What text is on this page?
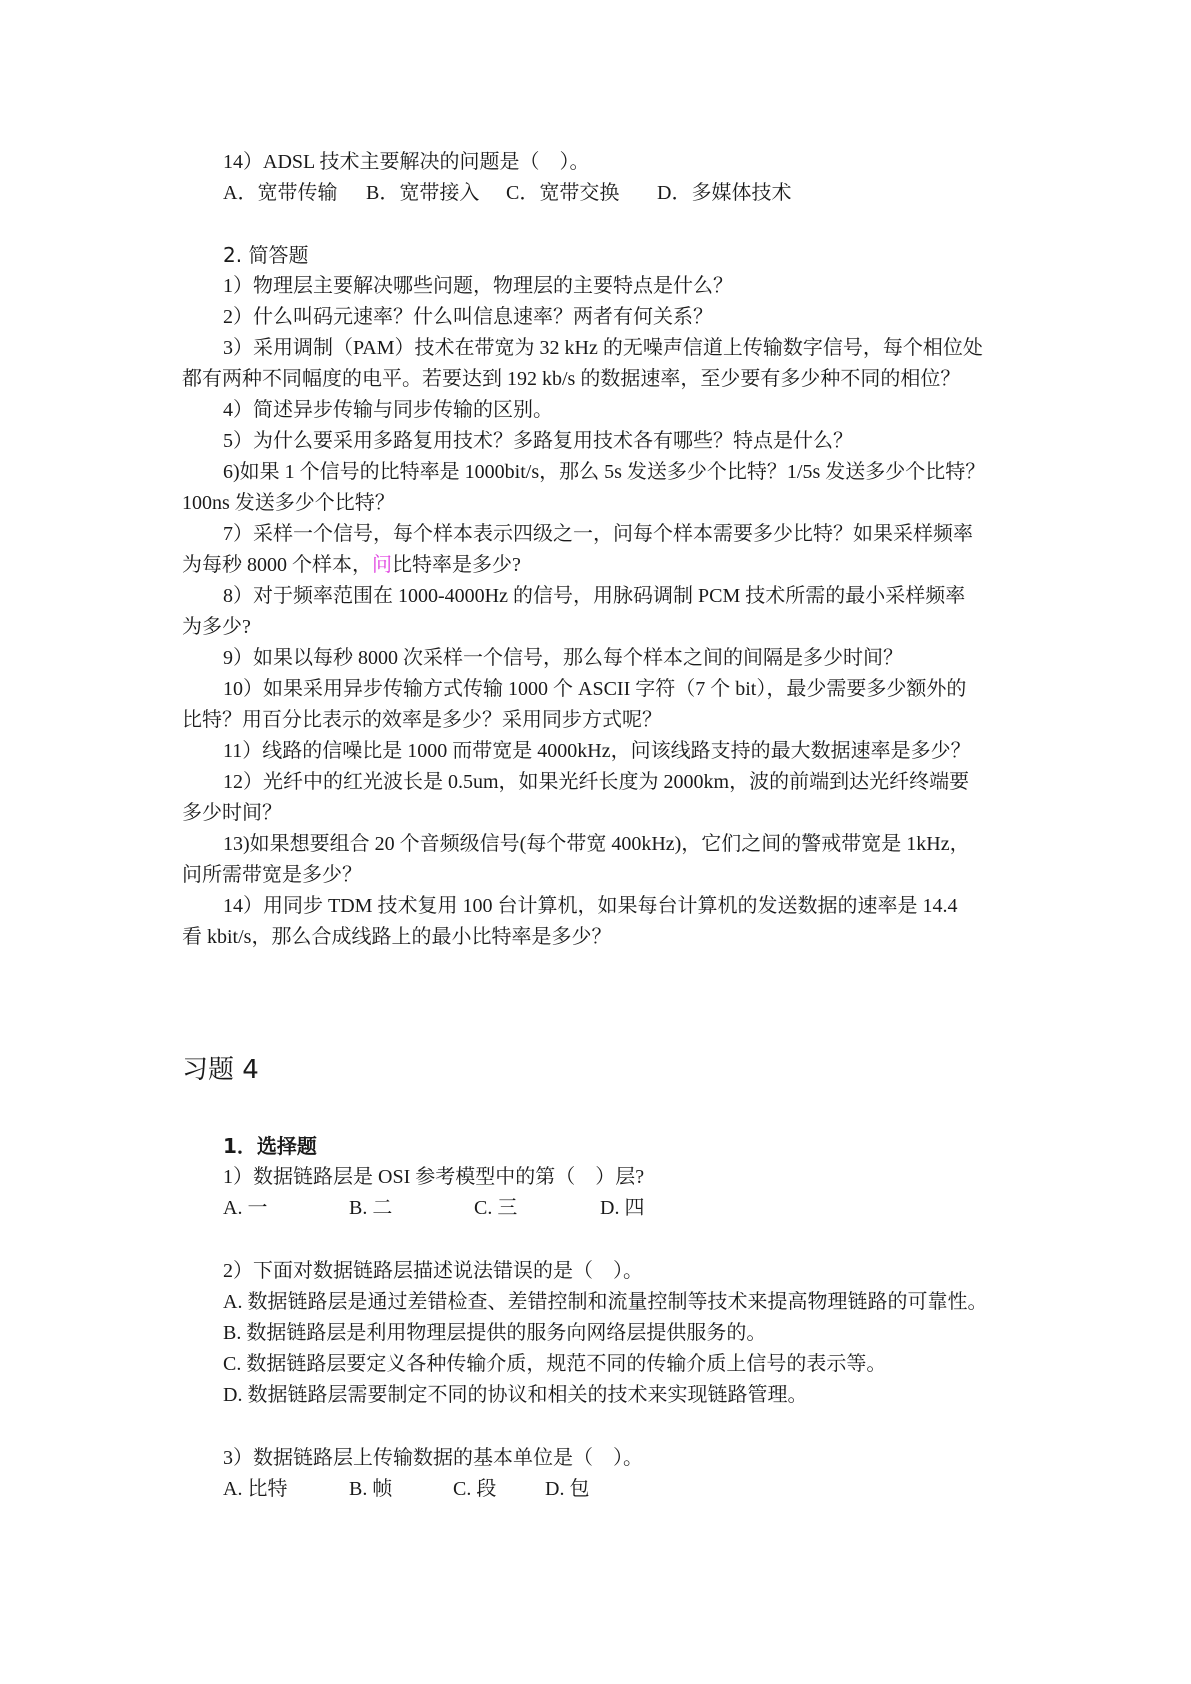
14）ADSL 技术主要解决的问题是（　）。
A．宽带传输 B．宽带接入 C．宽带交换 D．多媒体技术
2. 简答题
1）物理层主要解决哪些问题，物理层的主要特点是什么？
2）什么叫码元速率？什么叫信息速率？两者有何关系？
3）采用调制（PAM）技术在带宽为 32 kHz 的无噪声信道上传输数字信号，每个相位处
都有两种不同幅度的电平。若要达到 192 kb/s 的数据速率，至少要有多少种不同的相位？
4）简述异步传输与同步传输的区别。
5）为什么要采用多路复用技术？多路复用技术各有哪些？特点是什么？
6)如果 1 个信号的比特率是 1000bit/s，那么 5s 发送多少个比特？1/5s 发送多少个比特？
100ns 发送多少个比特？
7）采样一个信号，每个样本表示四级之一，问每个样本需要多少比特？如果采样频率
为每秒 8000 个样本，问比特率是多少?
8）对于频率范围在 1000-4000Hz 的信号，用脉码调制 PCM 技术所需的最小采样频率
为多少?
9）如果以每秒 8000 次采样一个信号，那么每个样本之间的间隔是多少时间？
10）如果采用异步传输方式传输 1000 个 ASCII 字符（7 个 bit），最少需要多少额外的
比特？用百分比表示的效率是多少？采用同步方式呢？
11）线路的信噪比是 1000 而带宽是 4000kHz，问该线路支持的最大数据速率是多少？
12）光纤中的红光波长是 0.5um，如果光纤长度为 2000km，波的前端到达光纤终端要
多少时间？
13)如果想要组合 20 个音频级信号(每个带宽 400kHz)，它们之间的警戒带宽是 1kHz，
问所需带宽是多少？
14）用同步 TDM 技术复用 100 台计算机，如果每台计算机的发送数据的速率是 14.4
看 kbit/s，那么合成线路上的最小比特率是多少？
习题 4
1．选择题
1）数据链路层是 OSI 参考模型中的第（　）层?
A. 一	B. 二	C. 三	D. 四
2）下面对数据链路层描述说法错误的是（　）。
A. 数据链路层是通过差错检查、差错控制和流量控制等技术来提高物理链路的可靠性。
B. 数据链路层是利用物理层提供的服务向网络层提供服务的。
C. 数据链路层要定义各种传输介质，规范不同的传输介质上信号的表示等。
D. 数据链路层需要制定不同的协议和相关的技术来实现链路管理。
3）数据链路层上传输数据的基本单位是（　）。
A. 比特	B. 帧	C. 段 D. 包
